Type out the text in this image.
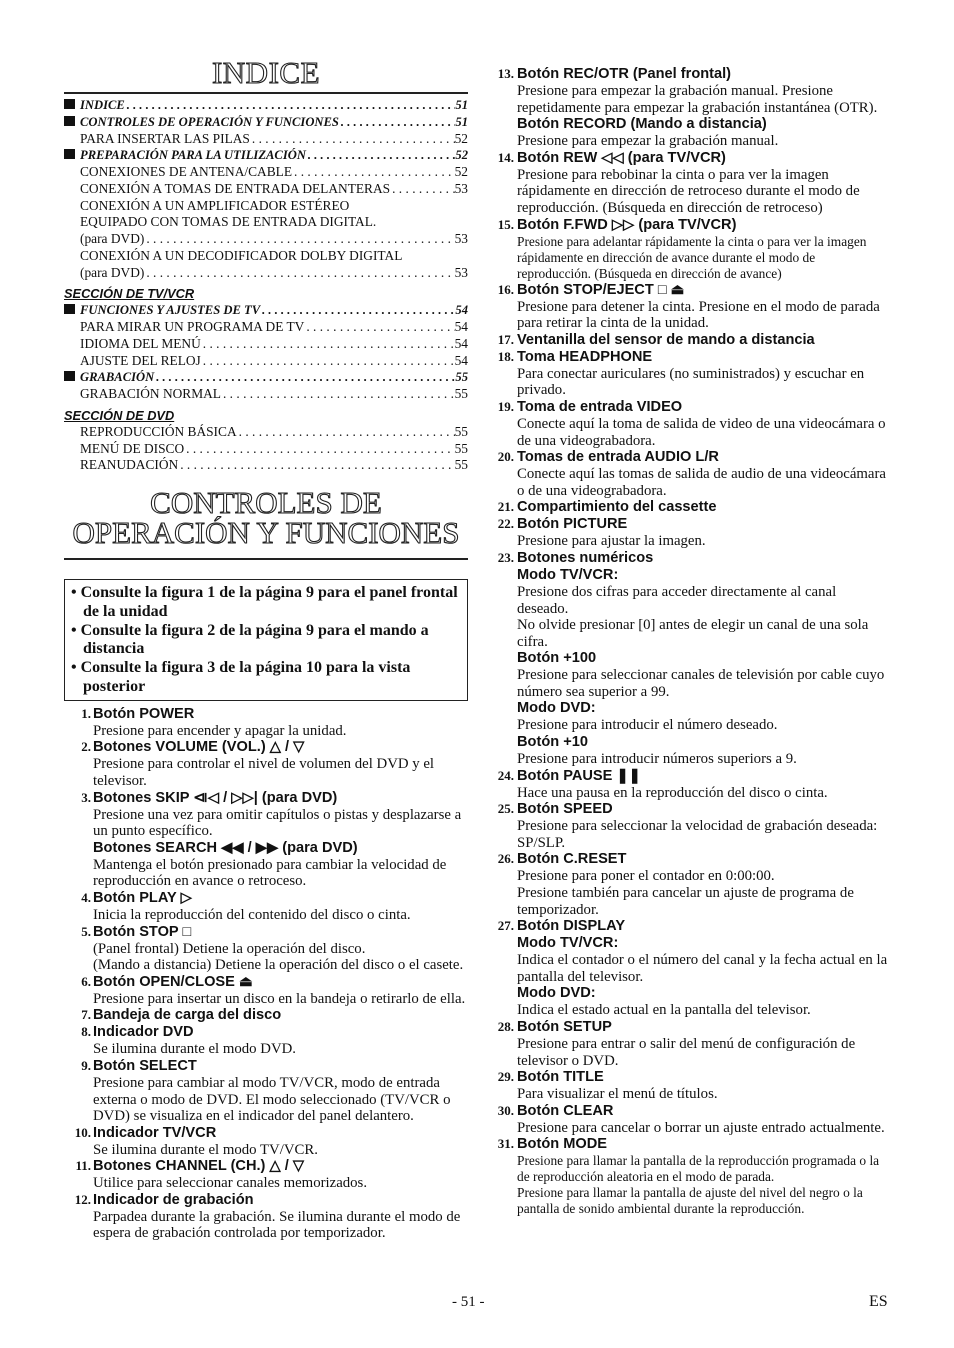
INDICE
INDICE . . .	51
CONTROLES DE OPERACIÓN Y FUNCIONES . . .	51
PARA INSERTAR LAS PILAS . . .	52
PREPARACIÓN PARA LA UTILIZACIÓN . . .	52
CONEXIONES DE ANTENA/CABLE . . .	52
CONEXIÓN A TOMAS DE ENTRADA DELANTERAS . . .	53
CONEXIÓN A UN AMPLIFICADOR ESTÉREO
EQUIPADO CON TOMAS DE ENTRADA DIGITAL.
(para DVD) . . .	53
CONEXIÓN A UN DECODIFICADOR DOLBY DIGITAL
(para DVD) . . .	53
SECCIÓN DE TV/VCR
FUNCIONES Y AJUSTES DE TV . . .	54
PARA MIRAR UN PROGRAMA DE TV . . .	54
IDIOMA DEL MENÚ . . .	54
AJUSTE DEL RELOJ . . .	54
GRABACIÓN . . .	55
GRABACIÓN NORMAL . . .	55
SECCIÓN DE DVD
REPRODUCCIÓN BÁSICA . . .	55
MENÚ DE DISCO . . .	55
REANUDACIÓN . . .	55
CONTROLES DE
OPERACIÓN Y FUNCIONES
• Consulte la figura 1 de la página 9 para el panel frontal de la unidad
• Consulte la figura 2 de la página 9 para el mando a distancia
• Consulte la figura 3 de la página 10 para la vista posterior
1. Botón POWER
Presione para encender y apagar la unidad.
2. Botones VOLUME (VOL.) △ / ▽
Presione para controlar el nivel de volumen del DVD y el televisor.
3. Botones SKIP ⧏◁ / ▷▷| (para DVD)
Presione una vez para omitir capítulos o pistas y desplazarse a un punto específico.
Botones SEARCH ◀◀ / ▶▶ (para DVD)
Mantenga el botón presionado para cambiar la velocidad de reproducción en avance o retroceso.
4. Botón PLAY ▷
Inicia la reproducción del contenido del disco o cinta.
5. Botón STOP □
(Panel frontal) Detiene la operación del disco.
(Mando a distancia) Detiene la operación del disco o el casete.
6. Botón OPEN/CLOSE ⏏
Presione para insertar un disco en la bandeja o retirarlo de ella.
7. Bandeja de carga del disco
8. Indicador DVD
Se ilumina durante el modo DVD.
9. Botón SELECT
Presione para cambiar al modo TV/VCR, modo de entrada externa o modo de DVD. El modo seleccionado (TV/VCR o DVD) se visualiza en el indicador del panel delantero.
10. Indicador TV/VCR
Se ilumina durante el modo TV/VCR.
11. Botones CHANNEL (CH.) △ / ▽
Utilice para seleccionar canales memorizados.
12. Indicador de grabación
Parpadea durante la grabación. Se ilumina durante el modo de espera de grabación controlada por temporizador.
13. Botón REC/OTR (Panel frontal)
Presione para empezar la grabación manual. Presione repetidamente para empezar la grabación instantánea (OTR).
Botón RECORD (Mando a distancia)
Presione para empezar la grabación manual.
14. Botón REW ◁◁ (para TV/VCR)
Presione para rebobinar la cinta o para ver la imagen rápidamente en dirección de retroceso durante el modo de reproducción. (Búsqueda en dirección de retroceso)
15. Botón F.FWD ▷▷ (para TV/VCR)
Presione para adelantar rápidamente la cinta o para ver la imagen rápidamente en dirección de avance durante el modo de reproducción. (Búsqueda en dirección de avance)
16. Botón STOP/EJECT □ ⏏
Presione para detener la cinta. Presione en el modo de parada para retirar la cinta de la unidad.
17. Ventanilla del sensor de mando a distancia
18. Toma HEADPHONE
Para conectar auriculares (no suministrados) y escuchar en privado.
19. Toma de entrada VIDEO
Conecte aquí la toma de salida de video de una videocámara o de una videograbadora.
20. Tomas de entrada AUDIO L/R
Conecte aquí las tomas de salida de audio de una videocámara o de una videograbadora.
21. Compartimiento del cassette
22. Botón PICTURE
Presione para ajustar la imagen.
23. Botones numéricos
Modo TV/VCR:
Presione dos cifras para acceder directamente al canal deseado.
No olvide presionar [0] antes de elegir un canal de una sola cifra.
Botón +100
Presione para seleccionar canales de televisión por cable cuyo número sea superior a 99.
Modo DVD:
Presione para introducir el número deseado.
Botón +10
Presione para introducir números superiors a 9.
24. Botón PAUSE ❚❚
Hace una pausa en la reproducción del disco o cinta.
25. Botón SPEED
Presione para seleccionar la velocidad de grabación deseada: SP/SLP.
26. Botón C.RESET
Presione para poner el contador en 0:00:00.
Presione también para cancelar un ajuste de programa de temporizador.
27. Botón DISPLAY
Modo TV/VCR:
Indica el contador o el número del canal y la fecha actual en la pantalla del televisor.
Modo DVD:
Indica el estado actual en la pantalla del televisor.
28. Botón SETUP
Presione para entrar o salir del menú de configuración de televisor o DVD.
29. Botón TITLE
Para visualizar el menú de títulos.
30. Botón CLEAR
Presione para cancelar o borrar un ajuste entrado actualmente.
31. Botón MODE
Presione para llamar la pantalla de la reproducción programada o la de reproducción aleatoria en el modo de parada.
Presione para llamar la pantalla de ajuste del nivel del negro o la pantalla de sonido ambiental durante la reproducción.
- 51 -	ES
